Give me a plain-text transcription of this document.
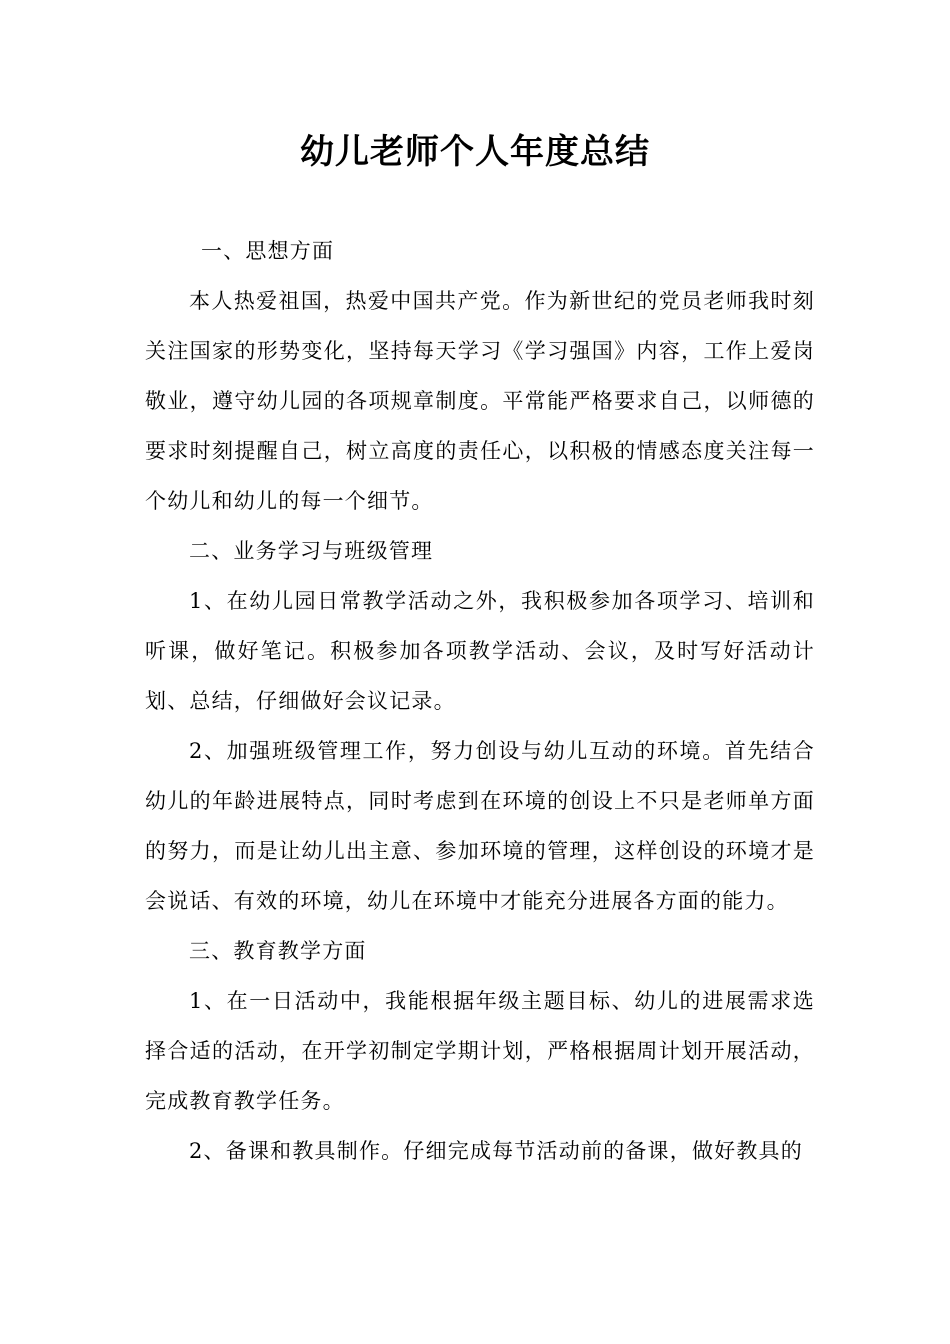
幼儿老师个人年度总结

一、思想方面

本人热爱祖国，热爱中国共产党。作为新世纪的党员老师我时刻关注国家的形势变化，坚持每天学习《学习强国》内容，工作上爱岗敬业，遵守幼儿园的各项规章制度。平常能严格要求自己，以师德的要求时刻提醒自己，树立高度的责任心，以积极的情感态度关注每一个幼儿和幼儿的每一个细节。

二、业务学习与班级管理

1、在幼儿园日常教学活动之外，我积极参加各项学习、培训和听课，做好笔记。积极参加各项教学活动、会议，及时写好活动计划、总结，仔细做好会议记录。

2、加强班级管理工作，努力创设与幼儿互动的环境。首先结合幼儿的年龄进展特点，同时考虑到在环境的创设上不只是老师单方面的努力，而是让幼儿出主意、参加环境的管理，这样创设的环境才是会说话、有效的环境，幼儿在环境中才能充分进展各方面的能力。

三、教育教学方面

1、在一日活动中，我能根据年级主题目标、幼儿的进展需求选择合适的活动，在开学初制定学期计划，严格根据周计划开展活动，完成教育教学任务。

2、备课和教具制作。仔细完成每节活动前的备课，做好教具的
